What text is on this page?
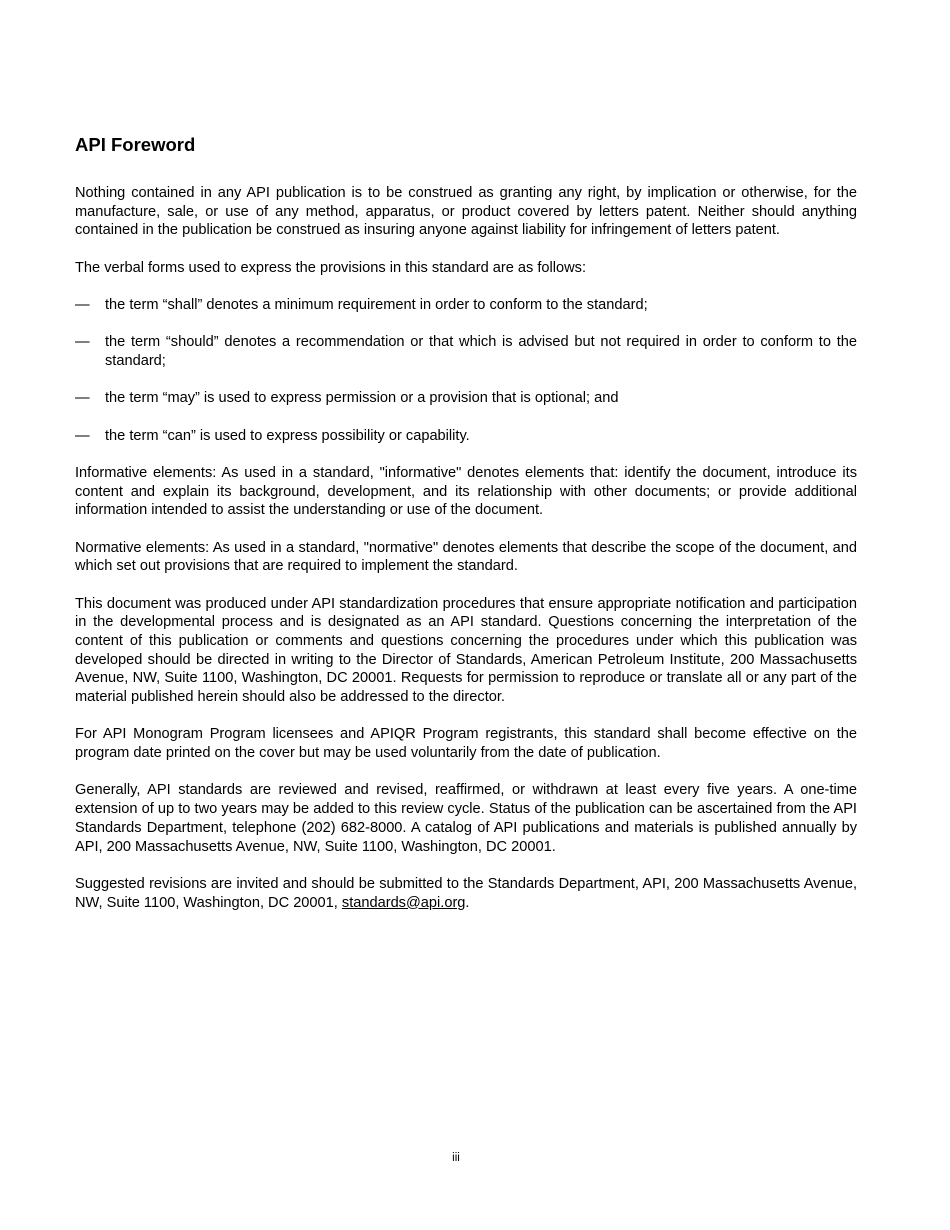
API Foreword

Nothing contained in any API publication is to be construed as granting any right, by implication or otherwise, for the manufacture, sale, or use of any method, apparatus, or product covered by letters patent. Neither should anything contained in the publication be construed as insuring anyone against liability for infringement of letters patent.

The verbal forms used to express the provisions in this standard are as follows:

—	the term “shall” denotes a minimum requirement in order to conform to the standard;
—	the term “should” denotes a recommendation or that which is advised but not required in order to conform to the standard;
—	the term “may” is used to express permission or a provision that is optional; and
—	the term “can” is used to express possibility or capability.

Informative elements: As used in a standard, "informative" denotes elements that: identify the document, introduce its content and explain its background, development, and its relationship with other documents; or provide additional information intended to assist the understanding or use of the document.

Normative elements: As used in a standard, "normative" denotes elements that describe the scope of the document, and which set out provisions that are required to implement the standard.

This document was produced under API standardization procedures that ensure appropriate notification and participation in the developmental process and is designated as an API standard. Questions concerning the interpretation of the content of this publication or comments and questions concerning the procedures under which this publication was developed should be directed in writing to the Director of Standards, American Petroleum Institute, 200 Massachusetts Avenue, NW, Suite 1100, Washington, DC 20001. Requests for permission to reproduce or translate all or any part of the material published herein should also be addressed to the director.

For API Monogram Program licensees and APIQR Program registrants, this standard shall become effective on the program date printed on the cover but may be used voluntarily from the date of publication.

Generally, API standards are reviewed and revised, reaffirmed, or withdrawn at least every five years. A one-time extension of up to two years may be added to this review cycle. Status of the publication can be ascertained from the API Standards Department, telephone (202) 682-8000. A catalog of API publications and materials is published annually by API, 200 Massachusetts Avenue, NW, Suite 1100, Washington, DC 20001.

Suggested revisions are invited and should be submitted to the Standards Department, API, 200 Massachusetts Avenue, NW, Suite 1100, Washington, DC 20001, standards@api.org.

iii
